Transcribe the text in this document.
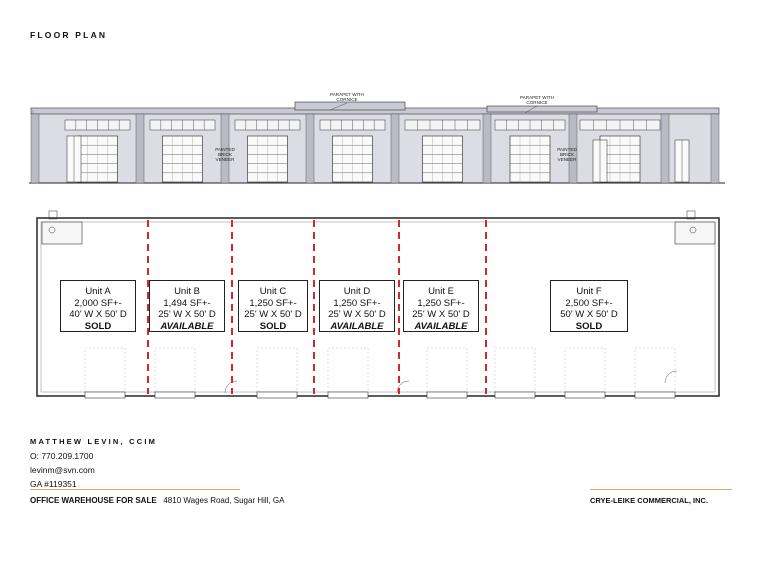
FLOOR PLAN
PARAPET WITH
CORNICE	PARAPET WITH
CORNICE
PAINTED
BRICK
VENEER
PAINTED
BRICK
VENEER
Unit A
2,000 SF+-
40' W X 50' D
SOLD
Unit B
1,494 SF+-
25' W X 50' D
AVAILABLE
Unit C
1,250 SF+-
25' W X 50' D
SOLD
Unit D
1,250 SF+-
25' W X 50' D
AVAILABLE
Unit E
1,250 SF+-
25' W X 50' D
AVAILABLE
Unit F
2,500 SF+-
50' W X 50' D
SOLD
MATTHEW LEVIN, CCIM
O: 770.209.1700
levinm@svn.com
GA #119351
OFFICE WAREHOUSE FOR SALE 4810 Wages Road, Sugar Hill, GA	CRYE-LEIKE COMMERCIAL, INC.
